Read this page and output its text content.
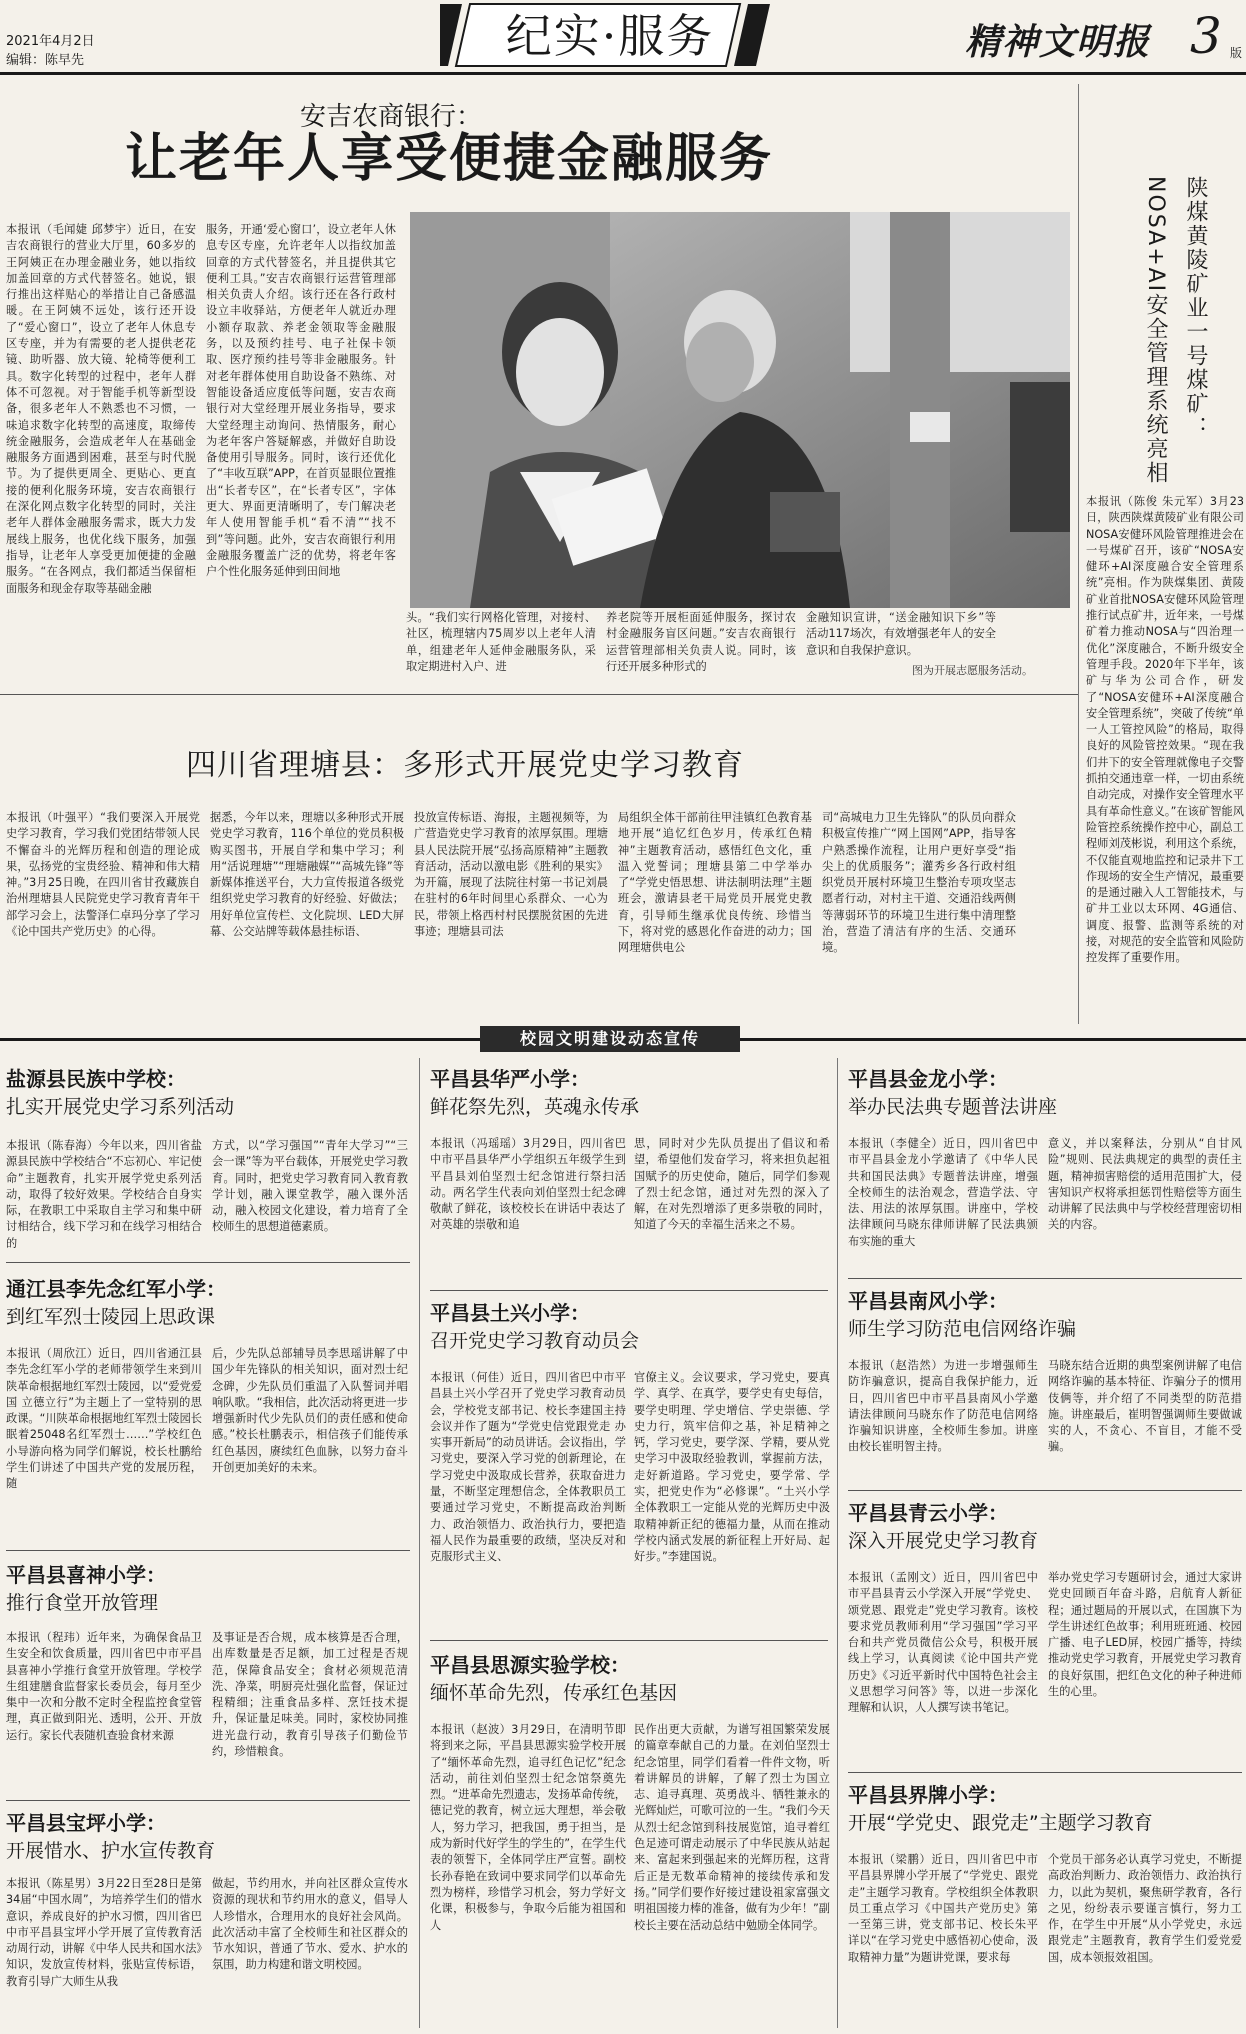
2021年4月2日
编辑：陈早先	纪实·服务	精神文明报 3 版
安吉农商银行：
让老年人享受便捷金融服务
本报讯（毛闻婕 邱梦宇）近日，在安吉农商银行的营业大厅里，60多岁的王阿姨正在办理金融业务，她以指纹加盖回章的方式代替签名。她说，银行推出这样贴心的举措让自己备感温暖。在王阿姨不远处，该行还开设了“爱心窗口”，设立了老年人休息专区专座，并为有需要的老人提供老花镜、助听器、放大镜、轮椅等便利工具。数字化转型的过程中，老年人群体不可忽视。对于智能手机等新型设备，很多老年人不熟悉也不习惯，一味追求数字化转型的高速度，取缔传统金融服务，会造成老年人在基础金融服务方面遇到困难，甚至与时代脱节。为了提供更周全、更贴心、更直接的便利化服务环境，安吉农商银行在深化网点数字化转型的同时，关注老年人群体金融服务需求，既大力发展线上服务，也优化线下服务，加强指导，让老年人享受更加便捷的金融服务。“在各网点，我们都适当保留柜面服务和现金存取等基础金融
服务，开通‘爱心窗口’，设立老年人休息专区专座，允许老年人以指纹加盖回章的方式代替签名，并且提供其它便利工具。”安吉农商银行运营管理部相关负责人介绍。该行还在各行政村设立丰收驿站，方便老年人就近办理小额存取款、养老金领取等金融服务，以及预约挂号、电子社保卡领取、医疗预约挂号等非金融服务。针对老年群体使用自助设备不熟练、对智能设备适应度低等问题，安吉农商银行对大堂经理开展业务指导，要求大堂经理主动询问、热情服务，耐心为老年客户答疑解惑，并做好自助设备使用引导服务。同时，该行还优化了“丰收互联”APP，在首页显眼位置推出“长者专区”，在“长者专区”，字体更大、界面更清晰明了，专门解决老年人使用智能手机“看不清”“找不到”等问题。此外，安吉农商银行利用金融服务覆盖广泛的优势，将老年客户个性化服务延伸到田间地
头。“我们实行网格化管理，对接村、社区，梳理辖内75周岁以上老年人清单，组建老年人延伸金融服务队，采取定期进村入户、进
养老院等开展柜面延伸服务，探讨农村金融服务盲区问题。”安吉农商银行运营管理部相关负责人说。同时，该行还开展多种形式的
金融知识宣讲，“送金融知识下乡”等活动117场次，有效增强老年人的安全意识和自我保护意识。
图为开展志愿服务活动。
陕煤黄陵矿业一号煤矿：
NOSA+AI安全管理系统亮相
本报讯（陈俊 朱元军）3月23日，陕西陕煤黄陵矿业有限公司NOSA安健环风险管理推进会在一号煤矿召开，该矿“NOSA安健环+AI深度融合安全管理系统”亮相。作为陕煤集团、黄陵矿业首批NOSA安健环风险管理推行试点矿井，近年来，一号煤矿着力推动NOSA与“四治理一优化”深度融合，不断升级安全管理手段。2020年下半年，该矿与华为公司合作，研发了“NOSA安健环+AI深度融合安全管理系统”，突破了传统“单一人工管控风险”的格局，取得良好的风险管控效果。“现在我们井下的安全管理就像电子交警抓拍交通违章一样，一切由系统自动完成，对操作安全管理水平具有革命性意义。”在该矿智能风险管控系统操作控中心，副总工程师刘茂彬说，利用这个系统，不仅能直观地监控和记录井下工作现场的安全生产情况，最重要的是通过融入人工智能技术，与矿井工业以太环网、4G通信、调度、报警、监测等系统的对接，对规范的安全监管和风险防控发挥了重要作用。
四川省理塘县：多形式开展党史学习教育
本报讯（叶强平）“我们要深入开展党史学习教育，学习我们党团结带领人民不懈奋斗的光辉历程和创造的理论成果，弘扬党的宝贵经验、精神和伟大精神。”3月25日晚，在四川省甘孜藏族自治州理塘县人民院党史学习教育青年干部学习会上，法警泽仁卓玛分享了学习《论中国共产党历史》的心得。
据悉，今年以来，理塘以多种形式开展党史学习教育，116个单位的党员积极购买图书，开展自学和集中学习；利用“活说理塘”“理塘融媒”“高城先锋”等新媒体推送平台，大力宣传报道各级党组织党史学习教育的好经验、好做法；用好单位宣传栏、文化院坝、LED大屏幕、公交站牌等载体悬挂标语、
投放宣传标语、海报，主题视频等，为广营造党史学习教育的浓厚氛围。理塘县人民法院开展“弘扬高原精神”主题教育活动，活动以激电影《胜利的果实》为开篇，展现了法院往村第一书记刘晨在驻村的6年时间里心系群众、一心为民，带领上格西村村民摆脱贫困的先进事迹；理塘县司法
局组织全体干部前往甲洼镇红色教育基地开展“追忆红色岁月，传承红色精神”主题教育活动，感悟红色文化，重温入党誓词；理塘县第二中学举办了“学党史悟思想、讲法制明法理”主题班会，激请县老干局党员开展党史教育，引导师生继承优良传统、珍惜当下，将对党的感恩化作奋进的动力；国网理塘供电公
司“高城电力卫生先锋队”的队员向群众积极宣传推广“网上国网”APP，指导客户熟悉操作流程，让用户更好享受“指尖上的优质服务”；灌秀乡各行政村组织党员开展村环境卫生整治专项攻坚志愿者行动，对村主干道、交通沿线两侧等薄弱环节的环境卫生进行集中清理整治，营造了清洁有序的生活、交通环境。
校园文明建设动态宣传
盐源县民族中学校：
扎实开展党史学习系列活动
本报讯（陈春海）今年以来，四川省盐源县民族中学校结合“不忘初心、牢记使命”主题教育，扎实开展学党史系列活动，取得了较好效果。学校结合自身实际，在教职工中采取自主学习和集中研讨相结合，线下学习和在线学习相结合的
方式，以“学习强国”“青年大学习”“三会一课”等为平台载体，开展党史学习教育。同时，把党史学习教育同入教育教学计划，融入课堂教学，融入课外活动，融入校园文化建设，着力培育了全校师生的思想道德素质。
通江县李先念红军小学：
到红军烈士陵园上思政课
本报讯（周欣江）近日，四川省通江县李先念红军小学的老师带领学生来到川陕革命根据地红军烈士陵园，以“爱党爱国 立德立行”为主题上了一堂特别的思政课。“川陕革命根据地红军烈士陵园长眠着25048名红军烈士……”学校红色小导游向格为同学们解说，校长杜鹏给学生们讲述了中国共产党的发展历程，随
后，少先队总部辅导员李思瑶讲解了中国少年先锋队的相关知识，面对烈士纪念碑，少先队员们重温了入队誓词并唱响队歌。“我相信，此次活动将更进一步增强新时代少先队员们的责任感和使命感。”校长杜鹏表示，相信孩子们能传承红色基因，赓续红色血脉，以努力奋斗开创更加美好的未来。
平昌县喜神小学：
推行食堂开放管理
本报讯（程玮）近年来，为确保食品卫生安全和饮食质量，四川省巴中市平昌县喜神小学推行食堂开放管理。学校学生组建膳食监督家长委员会，每月至少集中一次和分散不定时全程监控食堂管理，真正做到阳光、透明，公开、开放运行。家长代表随机查验食材来源
及事证是否合规，成本核算是否合理，出库数量是否足额，加工过程是否规范，保障食品安全；食材必须规范清洗、净菜，明厨亮灶强化监督，保证过程精细；注重食品多样、烹饪技术提升，保证量足味美。同时，家校协同推进光盘行动，教育引导孩子们勤俭节约，珍惜粮食。
平昌县宝坪小学：
开展惜水、护水宣传教育
本报讯（陈星男）3月22日至28日是第34届“中国水周”，为培养学生们的惜水意识，养成良好的护水习惯，四川省巴中市平昌县宝坪小学开展了宣传教育活动周行动，讲解《中华人民共和国水法》知识，发放宣传材料，张贴宣传标语，教育引导广大师生从我
做起，节约用水，并向社区群众宣传水资源的现状和节约用水的意义，倡导人人珍惜水，合理用水的良好社会风尚。此次活动丰富了全校师生和社区群众的节水知识，普通了节水、爱水、护水的氛围，助力构建和谐文明校园。
平昌县华严小学：
鲜花祭先烈，英魂永传承
本报讯（冯瑶瑶）3月29日，四川省巴中市平昌县华严小学组织五年级学生到平昌县刘伯坚烈士纪念馆进行祭扫活动。两名学生代表向刘伯坚烈士纪念碑敬献了鲜花，该校校长在讲话中表达了对英雄的崇敬和追
思，同时对少先队员提出了倡议和希望，希望他们发奋学习，将来担负起祖国赋予的历史使命，随后，同学们参观了烈士纪念馆，通过对先烈的深入了解，在对先烈增添了更多崇敬的同时，知道了今天的幸福生活来之不易。
平昌县土兴小学：
召开党史学习教育动员会
本报讯（何佳）近日，四川省巴中市平昌县土兴小学召开了党史学习教育动员会，学校党支部书记、校长李建国主持会议并作了题为“学党史信党跟党走 办实事开新局”的动员讲话。会议指出，学习党史，要深入学习党的创新理论，在学习党史中汲取成长营养，获取奋进力量，不断坚定理想信念，全体教职员工要通过学习党史，不断提高政治判断力、政治领悟力、政治执行力，要把造福人民作为最重要的政绩，坚决反对和克服形式主义、
官僚主义。会议要求，学习党史，要真学、真学、在真学，要学史有史每信，要学史明理、学史增信、学史崇德、学史力行，筑牢信仰之基，补足精神之钙，学习党史，要学深、学精，要从党史学习中汲取经验教训，掌握前方法，走好新道路。学习党史，要学常、学实，把党史作为“必修课”。“土兴小学全体教职工一定能从党的光辉历史中汲取精神新正纪的德福力量，从而在推动学校内涵式发展的新征程上开好局、起好步。”李建国说。
平昌县思源实验学校：
缅怀革命先烈，传承红色基因
本报讯（赵波）3月29日，在清明节即将到来之际，平昌县思源实验学校开展了“缅怀革命先烈，追寻红色记忆”纪念活动，前往刘伯坚烈士纪念馆祭奠先烈。“进革命先烈遗志，发扬革命传统，德记党的教育，树立远大理想，举会敬人，努力学习，把我国，勇于担当，是成为新时代好学生的学生的”，在学生代表的领誓下，全体同学庄严宣誓。副校长孙春艳在致词中要求同学们以革命先烈为榜样，珍惜学习机会，努力学好文化课，积极参与，争取今后能为祖国和人
民作出更大贡献，为谱写祖国繁荣发展的篇章奉献自己的力量。在刘伯坚烈士纪念馆里，同学们看着一件件文物，听着讲解员的讲解，了解了烈士为国立志、追寻真理、英勇战斗、牺牲兼永的光辉灿烂，可歌可泣的一生。“我们今天从烈士纪念馆到科技展览馆，追寻着红色足迹可谓走动展示了中华民族从站起来、富起来到强起来的光辉历程，这背后正是无数革命精神的接续传承和发扬。”同学们要作好接过建设祖家富强文明祖国接力棒的准备，做有为少年！”副校长主要在活动总结中勉励全体同学。
平昌县金龙小学：
举办民法典专题普法讲座
本报讯（李健全）近日，四川省巴中市平昌县金龙小学邀请了《中华人民共和国民法典》专题普法讲座，增强全校师生的法治观念，营造学法、守法、用法的浓厚氛围。讲座中，学校法律顾问马晓东律师讲解了民法典颁布实施的重大
意义，并以案释法，分别从“自甘风险”规则、民法典规定的典型的责任主题，精神损害赔偿的适用范围扩大，侵害知识产权将承担惩罚性赔偿等方面生动讲解了民法典中与学校经营理密切相关的内容。
平昌县南风小学：
师生学习防范电信网络诈骗
本报讯（赵浩然）为进一步增强师生防诈骗意识，提高自我保护能力，近日，四川省巴中市平昌县南风小学邀请法律顾问马晓东作了防范电信网络诈骗知识讲座，全校师生参加。讲座由校长崔明智主持。
马晓东结合近期的典型案例讲解了电信网络诈骗的基本特征、诈骗分子的惯用伎俩等，并介绍了不同类型的防范措施。讲座最后，崔明智强调师生要做诚实的人，不贪心、不盲目，才能不受骗。
平昌县青云小学：
深入开展党史学习教育
本报讯（孟刚文）近日，四川省巴中市平昌县青云小学深入开展“学党史、颂党恩、跟党走”党史学习教育。该校要求党员教师利用“学习强国”学习平台和共产党员微信公众号，积极开展线上学习，认真阅读《论中国共产党历史》《习近平新时代中国特色社会主义思想学习问答》等，以进一步深化理解和认识，人人撰写读书笔记。
举办党史学习专题研讨会，通过大家讲党史回顾百年奋斗路，启航育人新征程；通过题局的开展以式，在国旗下为学生讲述红色故事；利用班班通、校园广播、电子LED屏，校园广播等，持续推动党史学习教育，开展党史学习教育的良好氛围，把红色文化的种子种进师生的心里。
平昌县界牌小学：
开展“学党史、跟党走”主题学习教育
本报讯（梁鹏）近日，四川省巴中市平昌县界牌小学开展了“学党史、跟党走”主题学习教育。学校组织全体教职员工重点学习《中国共产党历史》第一至第三讲，党支部书记、校长朱平详以“在学习党史中感悟初心使命，汲取精神力量”为题讲党课，要求每
个党员干部务必认真学习党史，不断提高政治判断力、政治领悟力、政治执行力，以此为契机，聚焦研学教育，各行之见，纷纷表示要谨言慎行，努力工作，在学生中开展“从小学党史，永远跟党走”主题教育，教育学生们爱党爱国，成本领报效祖国。
